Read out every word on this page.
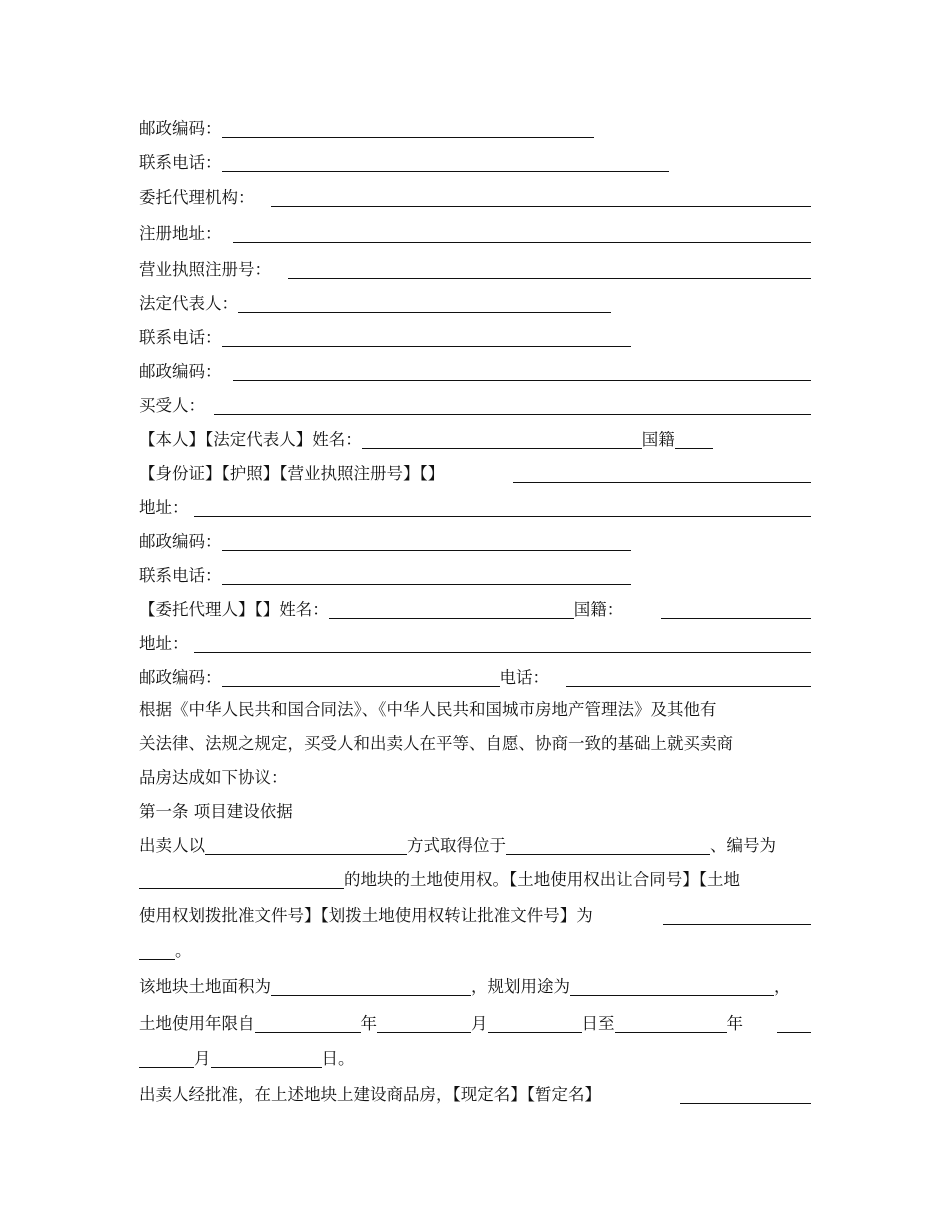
邮政编码：
联系电话：
委托代理机构：
注册地址：
营业执照注册号：
法定代表人：
联系电话：
邮政编码：
买受人：
【本人】【法定代表人】姓名：	国籍
【身份证】【护照】【营业执照注册号】【】
地址：
邮政编码：
联系电话：
【委托代理人】【】姓名：	国籍：
地址：
邮政编码：	电话：
根据《中华人民共和国合同法》、《中华人民共和国城市房地产管理法》及其他有
关法律、法规之规定，买受人和出卖人在平等、自愿、协商一致的基础上就买卖商
品房达成如下协议：
第一条 项目建设依据
出卖人以	方式取得位于	、编号为
的地块的土地使用权。【土地使用权出让合同号】【土地
使用权划拨批准文件号】【划拨土地使用权转让批准文件号】为
。
该地块土地面积为	，规划用途为	，
土地使用年限自	年	月	日至	年
月	日。
出卖人经批准，在上述地块上建设商品房，【现定名】【暂定名】
